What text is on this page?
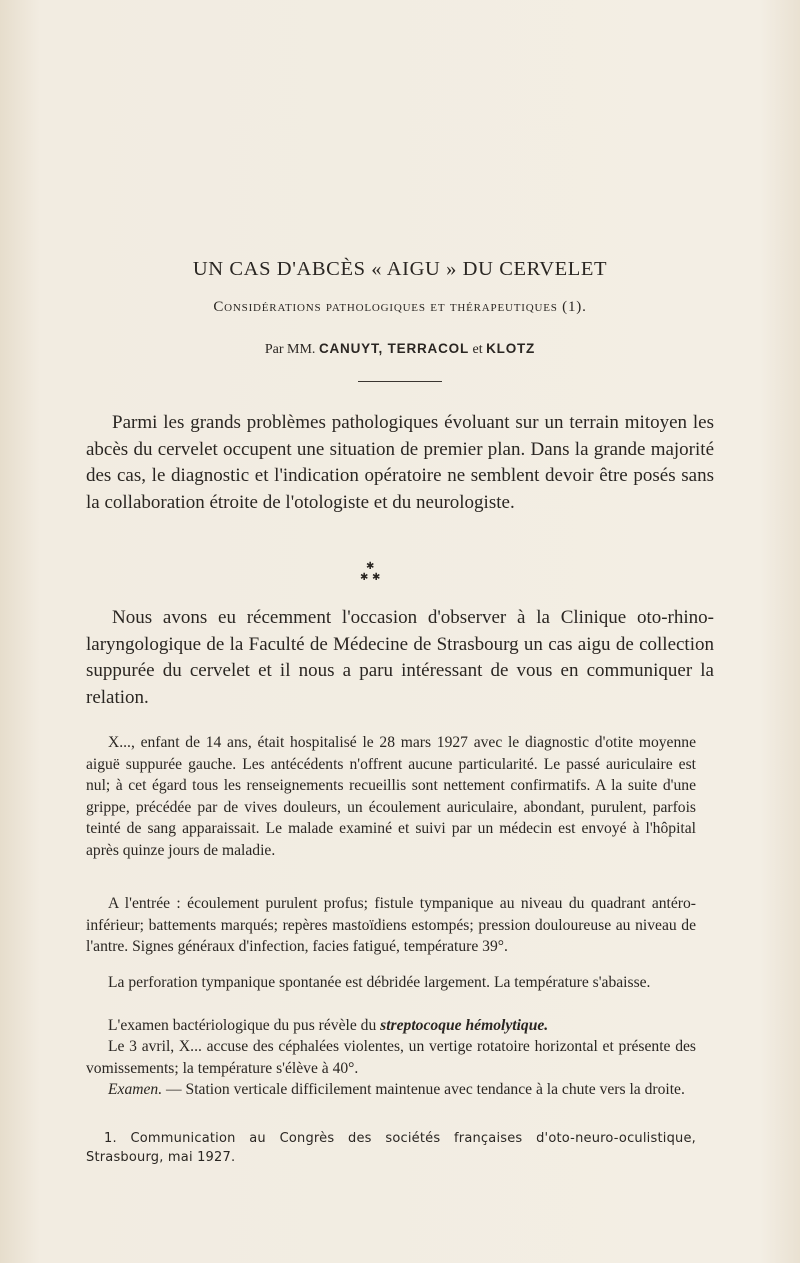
UN CAS D'ABCÈS « AIGU » DU CERVELET
Considérations pathologiques et thérapeutiques (1).
Par MM. CANUYT, TERRACOL et KLOTZ

Parmi les grands problèmes pathologiques évoluant sur un terrain mitoyen les abcès du cervelet occupent une situation de premier plan. Dans la grande majorité des cas, le diagnostic et l'indication opératoire ne semblent devoir être posés sans la collaboration étroite de l'otologiste et du neurologiste.

✱
✱ ✱

Nous avons eu récemment l'occasion d'observer à la Clinique oto-rhino-laryngologique de la Faculté de Médecine de Strasbourg un cas aigu de collection suppurée du cervelet et il nous a paru intéressant de vous en communiquer la relation.

X..., enfant de 14 ans, était hospitalisé le 28 mars 1927 avec le diagnostic d'otite moyenne aiguë suppurée gauche. Les antécédents n'offrent aucune particularité. Le passé auriculaire est nul; à cet égard tous les renseignements recueillis sont nettement confirmatifs. A la suite d'une grippe, précédée par de vives douleurs, un écoulement auriculaire, abondant, purulent, parfois teinté de sang apparaissait. Le malade examiné et suivi par un médecin est envoyé à l'hôpital après quinze jours de maladie.

A l'entrée : écoulement purulent profus; fistule tympanique au niveau du quadrant antéro-inférieur; battements marqués; repères mastoïdiens estompés; pression douloureuse au niveau de l'antre. Signes généraux d'infection, facies fatigué, température 39°.

La perforation tympanique spontanée est débridée largement. La température s'abaisse.

L'examen bactériologique du pus révèle du streptocoque hémolytique.

Le 3 avril, X... accuse des céphalées violentes, un vertige rotatoire horizontal et présente des vomissements; la température s'élève à 40°.

Examen. — Station verticale difficilement maintenue avec tendance à la chute vers la droite.

1. Communication au Congrès des sociétés françaises d'oto-neuro-oculistique, Strasbourg, mai 1927.
